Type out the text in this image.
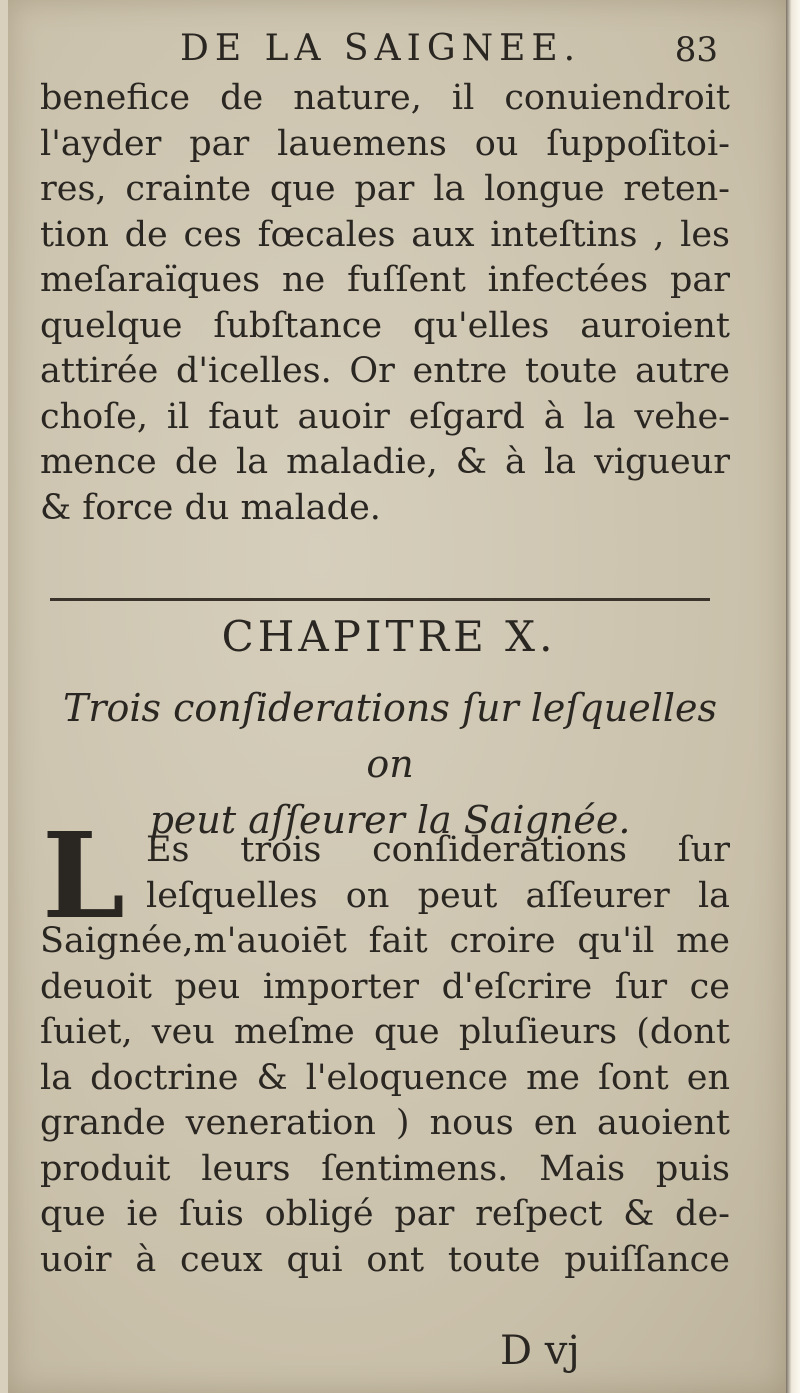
DE LA SAIGNEE.	83
benefice de nature, il conuiendroit
l'ayder par lauemens ou ſuppoſitoi-
res, crainte que par la longue reten-
tion de ces fœcales aux inteſtins , les
meſaraïques ne fuſſent infectées par
quelque ſubſtance qu'elles auroient
attirée d'icelles. Or entre toute autre
choſe, il faut auoir eſgard à la vehe-
mence de la maladie, & à la vigueur
& force du malade.
CHAPITRE X.
Trois conſiderations ſur leſquelles on
peut aſſeurer la Saignée.
L Es trois conſiderations ſur
leſquelles on peut aſſeurer la
Saignée,m'auoiēt fait croire qu'il me
deuoit peu importer d'eſcrire ſur ce
ſuiet, veu meſme que pluſieurs (dont
la doctrine & l'eloquence me ſont en
grande veneration ) nous en auoient
produit leurs ſentimens. Mais puis
que ie ſuis obligé par reſpect & de-
uoir à ceux qui ont toute puiſſance
D vj
